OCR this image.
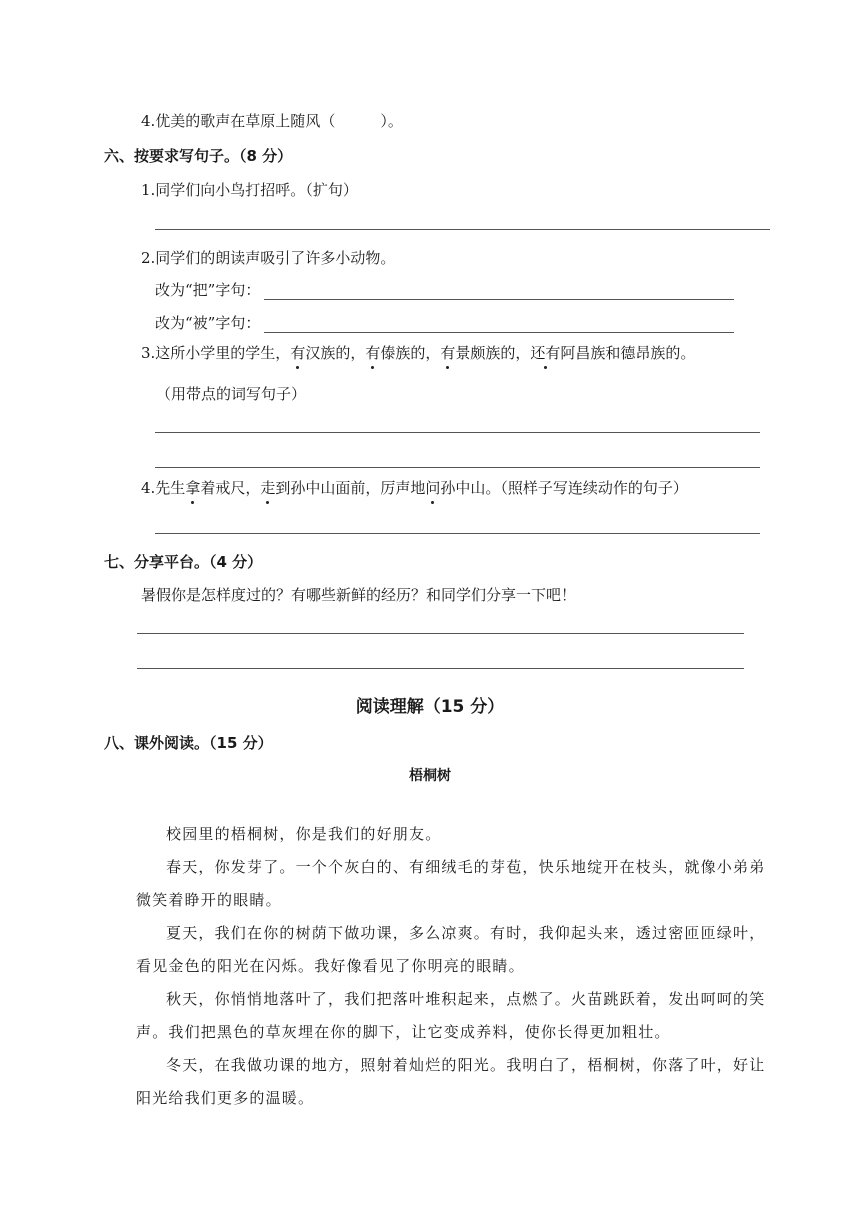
4.优美的歌声在草原上随风（　　　）。
六、按要求写句子。（8 分）
1.同学们向小鸟打招呼。（扩句）
2.同学们的朗读声吸引了许多小动物。
改为“把”字句：
改为“被”字句：
3.这所小学里的学生，有汉族的，有傣族的，有景颇族的，还有阿昌族和德昂族的。
（用带点的词写句子）
4.先生拿着戒尺，走到孙中山面前，厉声地问孙中山。（照样子写连续动作的句子）
七、分享平台。（4 分）
暑假你是怎样度过的？有哪些新鲜的经历？和同学们分享一下吧！
阅读理解（15 分）
八、课外阅读。（15 分）
梧桐树

校园里的梧桐树，你是我们的好朋友。

春天，你发芽了。一个个灰白的、有细绒毛的芽苞，快乐地绽开在枝头，就像小弟弟微笑着睁开的眼睛。

夏天，我们在你的树荫下做功课，多么凉爽。有时，我仰起头来，透过密匝匝绿叶，看见金色的阳光在闪烁。我好像看见了你明亮的眼睛。

秋天，你悄悄地落叶了，我们把落叶堆积起来，点燃了。火苗跳跃着，发出呵呵的笑声。我们把黑色的草灰埋在你的脚下，让它变成养料，使你长得更加粗壮。

冬天，在我做功课的地方，照射着灿烂的阳光。我明白了，梧桐树，你落了叶，好让阳光给我们更多的温暖。
